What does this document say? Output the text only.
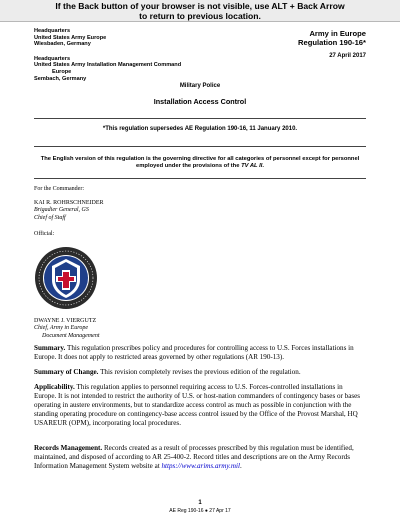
If the Back button of your browser is not visible, use ALT + Back Arrow
to return to previous location.
Headquarters
United States Army Europe
Wiesbaden, Germany
Headquarters
United States Army Installation Management Command
Europe
Sembach, Germany
Army in Europe
Regulation 190-16*
27 April 2017
Military Police
Installation Access Control
*This regulation supersedes AE Regulation 190-16, 11 January 2010.
The English version of this regulation is the governing directive for all categories of personnel except for personnel employed under the provisions of the TV AL II.
For the Commander:
KAI R. ROHRSCHNEIDER
Brigadier General, GS
Chief of Staff
Official:
DWAYNE J. VIERGUTZ
Chief, Army in Europe
Document Management
Summary. This regulation prescribes policy and procedures for controlling access to U.S. Forces installations in Europe. It does not apply to restricted areas governed by other regulations (AR 190-13).
Summary of Change. This revision completely revises the previous edition of the regulation.
Applicability. This regulation applies to personnel requiring access to U.S. Forces-controlled installations in Europe. It is not intended to restrict the authority of U.S. or host-nation commanders of contingency bases or bases operating in austere environments, but to standardize access control as much as possible in conjunction with the standing operating procedure on contingency-base access control issued by the Office of the Provost Marshal, HQ USAREUR (OPM), incorporating local procedures.
Records Management. Records created as a result of processes prescribed by this regulation must be identified, maintained, and disposed of according to AR 25-400-2. Record titles and descriptions are on the Army Records Information Management System website at https://www.arims.army.mil.
1
AE Reg 190-16 ● 27 Apr 17
